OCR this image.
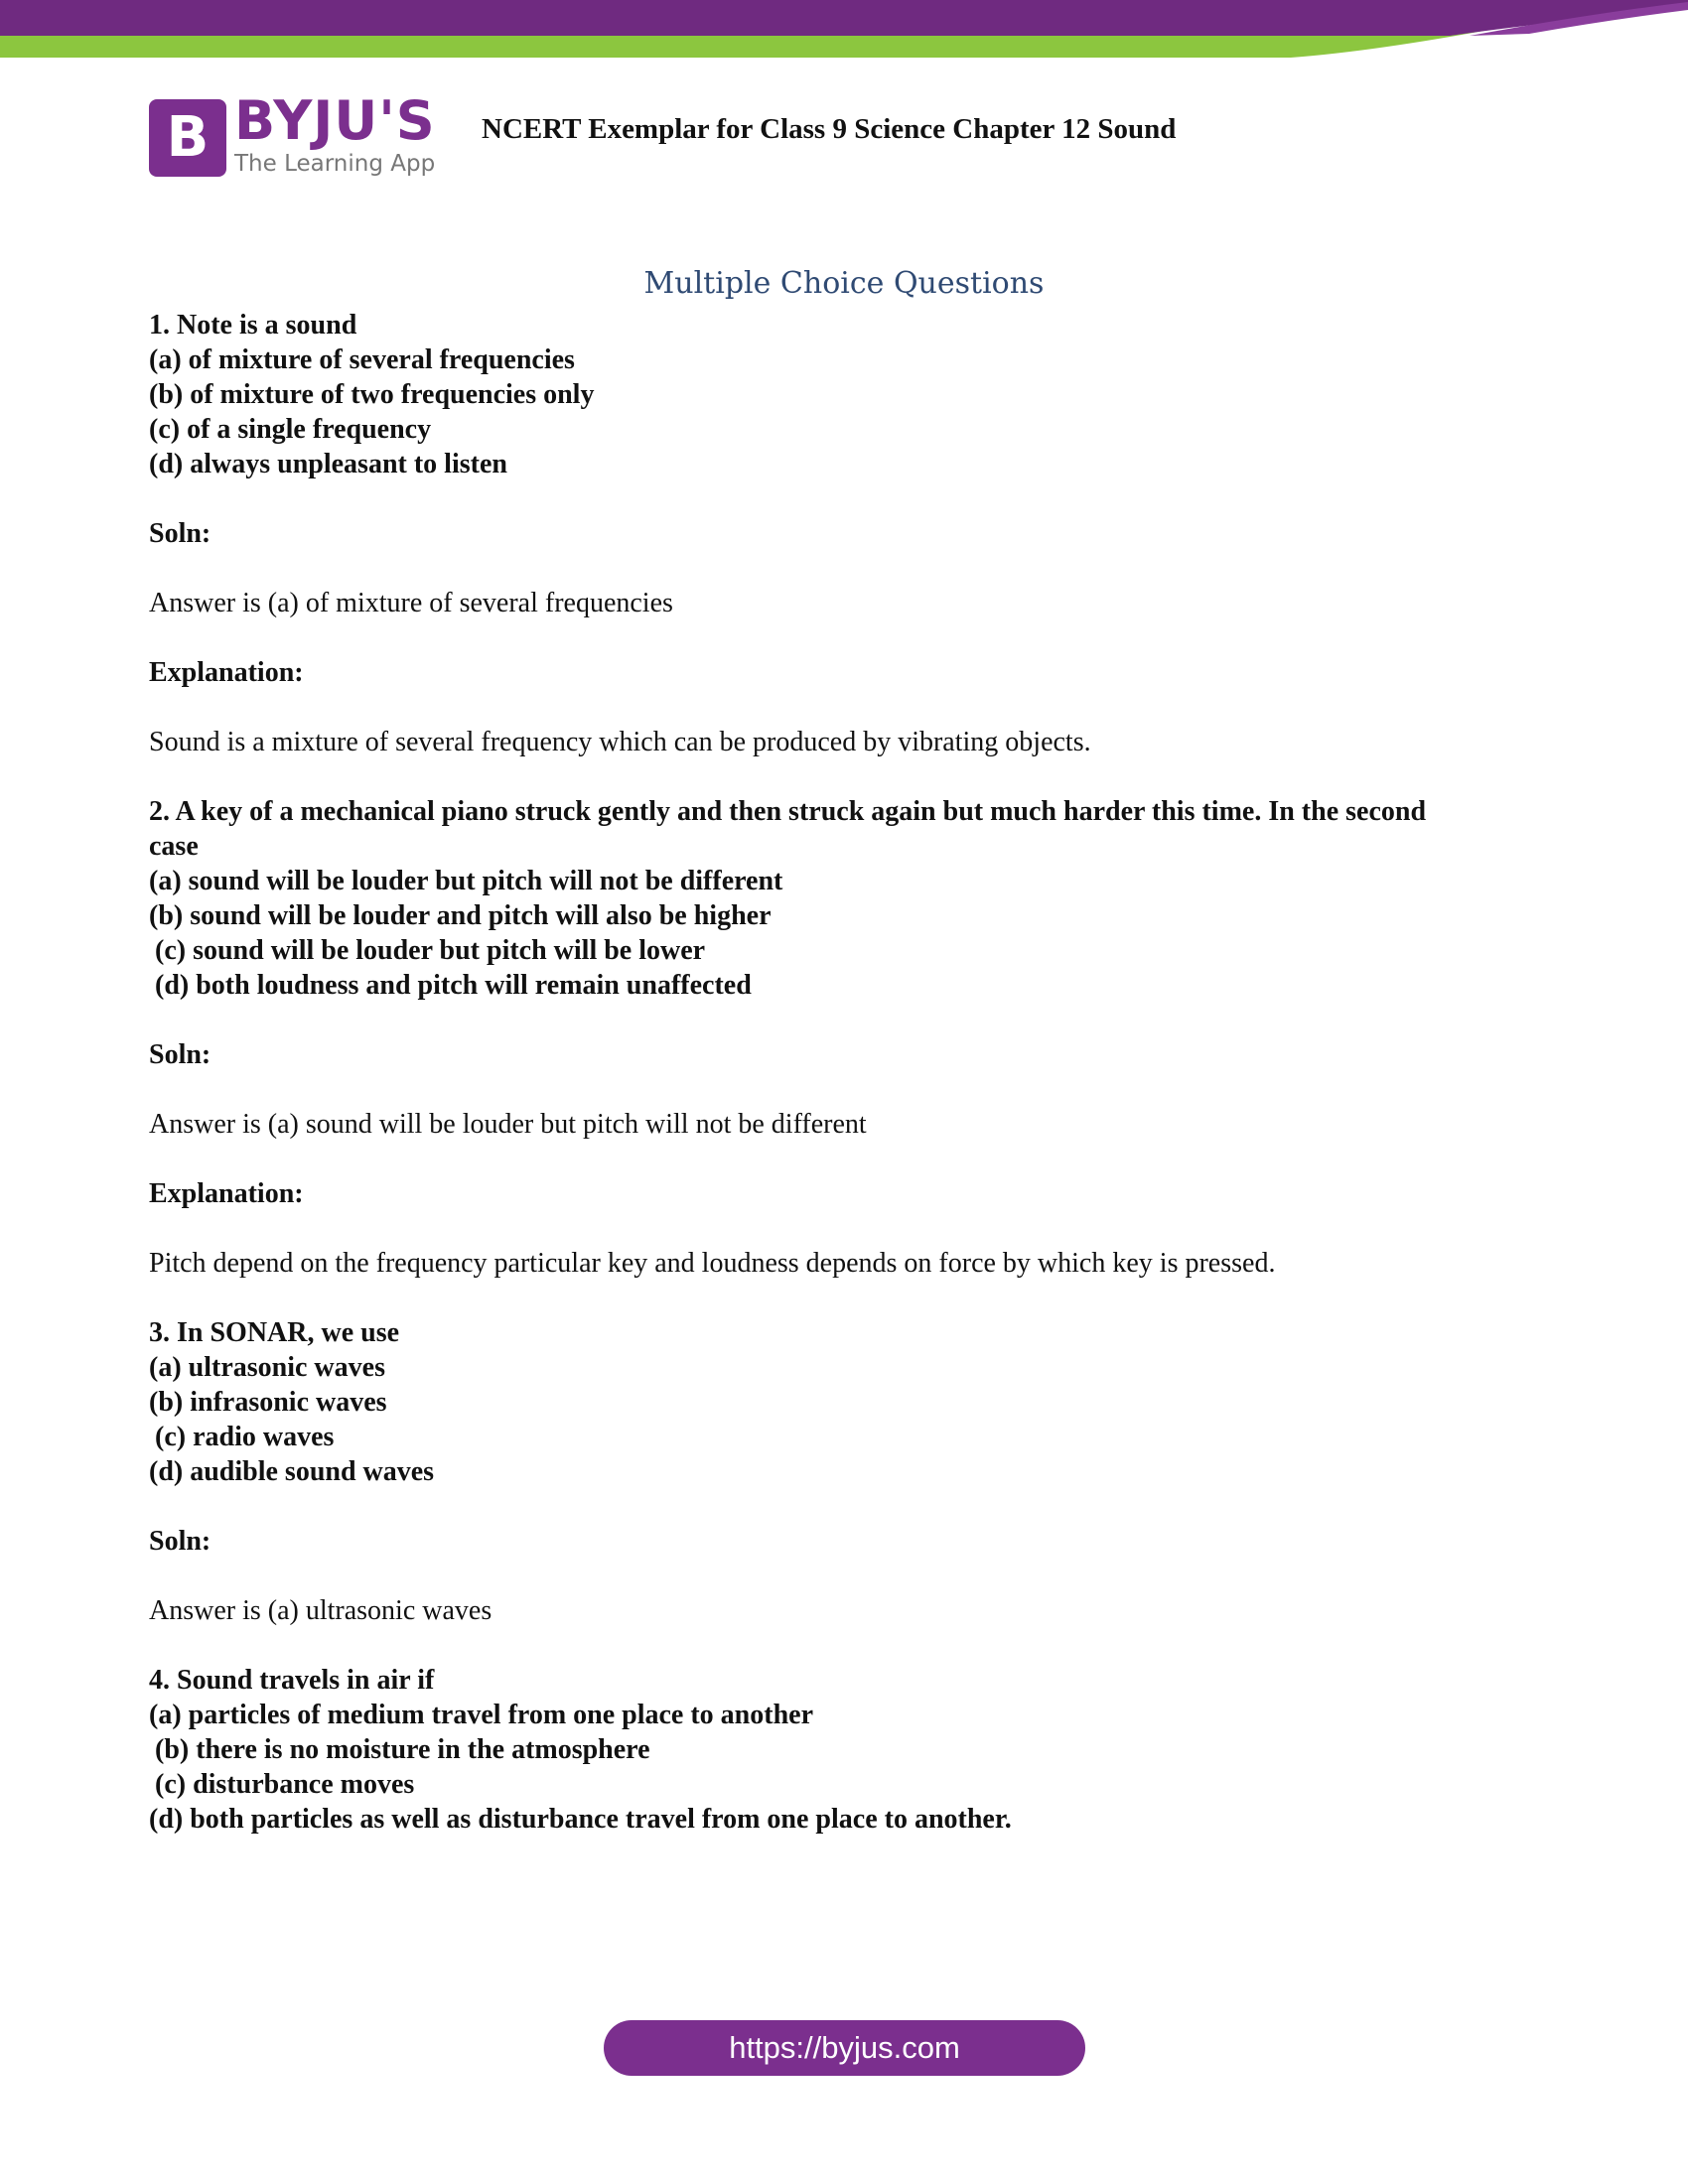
B BYJU'S
The Learning App
NCERT Exemplar for Class 9 Science Chapter 12 Sound
Multiple Choice Questions

1. Note is a sound

(a) of mixture of several frequencies

(b) of mixture of two frequencies only

(c) of a single frequency

(d) always unpleasant to listen

Soln:

Answer is (a) of mixture of several frequencies

Explanation:

Sound is a mixture of several frequency which can be produced by vibrating objects.

2. A key of a mechanical piano struck gently and then struck again but much harder this time. In the second case

(a) sound will be louder but pitch will not be different

(b) sound will be louder and pitch will also be higher

(c) sound will be louder but pitch will be lower

(d) both loudness and pitch will remain unaffected

Soln:

Answer is (a) sound will be louder but pitch will not be different

Explanation:

Pitch depend on the frequency particular key and loudness depends on force by which key is pressed.

3. In SONAR, we use

(a) ultrasonic waves

(b) infrasonic waves

(c) radio waves

(d) audible sound waves

Soln:

Answer is (a) ultrasonic waves

4. Sound travels in air if

(a) particles of medium travel from one place to another

(b) there is no moisture in the atmosphere

(c) disturbance moves

(d) both particles as well as disturbance travel from one place to another.

https://byjus.com
